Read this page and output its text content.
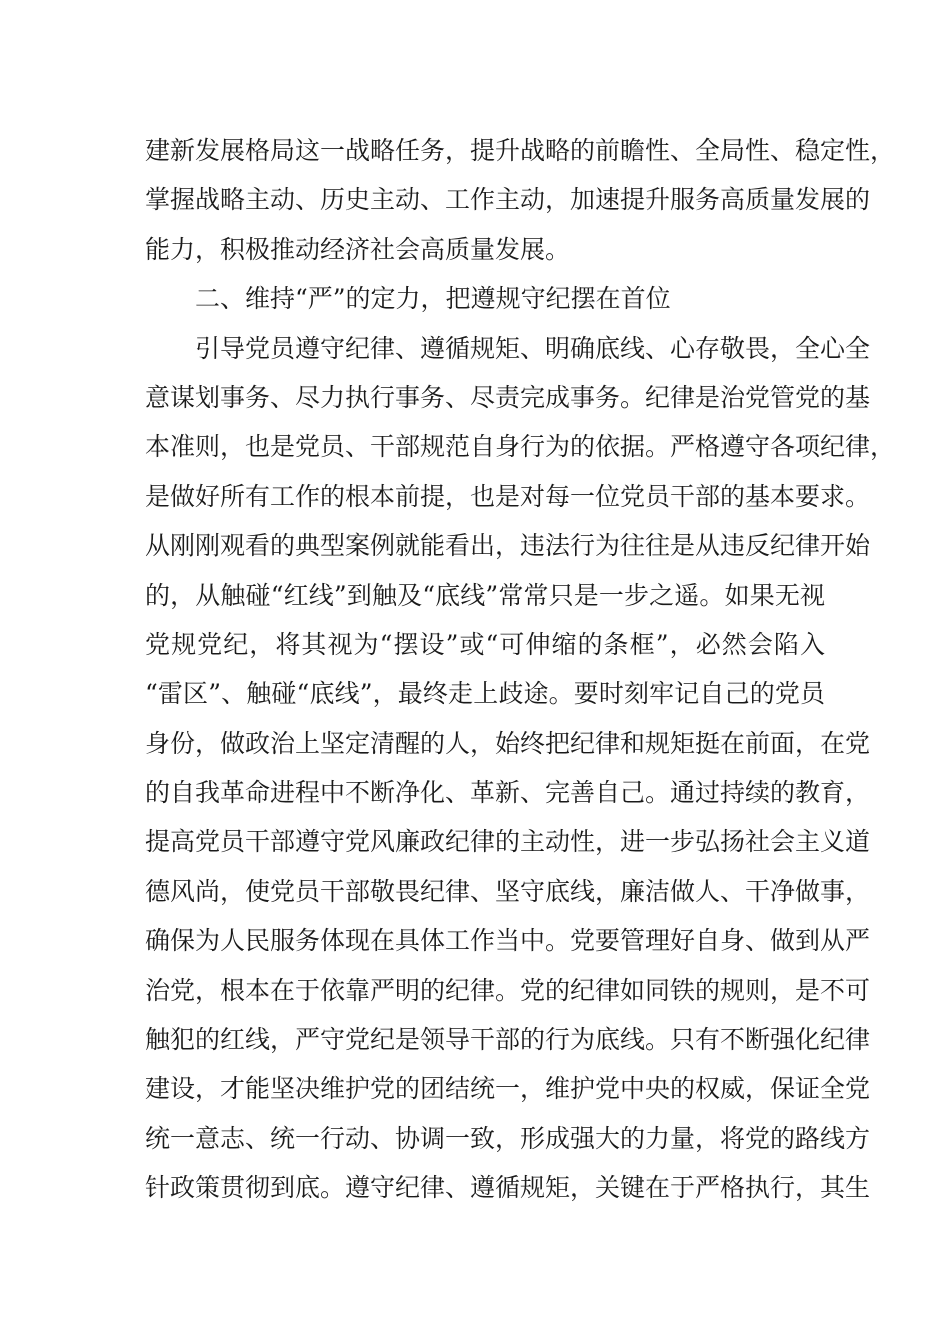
建新发展格局这一战略任务，提升战略的前瞻性、全局性、稳定性，
掌握战略主动、历史主动、工作主动，加速提升服务高质量发展的
能力，积极推动经济社会高质量发展。
二、维持“严”的定力，把遵规守纪摆在首位
引导党员遵守纪律、遵循规矩、明确底线、心存敬畏，全心全
意谋划事务、尽力执行事务、尽责完成事务。纪律是治党管党的基
本准则，也是党员、干部规范自身行为的依据。严格遵守各项纪律，
是做好所有工作的根本前提，也是对每一位党员干部的基本要求。
从刚刚观看的典型案例就能看出，违法行为往往是从违反纪律开始
的，从触碰“红线”到触及“底线”常常只是一步之遥。如果无视
党规党纪，将其视为“摆设”或“可伸缩的条框”，必然会陷入
“雷区”、触碰“底线”，最终走上歧途。要时刻牢记自己的党员
身份，做政治上坚定清醒的人，始终把纪律和规矩挺在前面，在党
的自我革命进程中不断净化、革新、完善自己。通过持续的教育，
提高党员干部遵守党风廉政纪律的主动性，进一步弘扬社会主义道
德风尚，使党员干部敬畏纪律、坚守底线，廉洁做人、干净做事，
确保为人民服务体现在具体工作当中。党要管理好自身、做到从严
治党，根本在于依靠严明的纪律。党的纪律如同铁的规则，是不可
触犯的红线，严守党纪是领导干部的行为底线。只有不断强化纪律
建设，才能坚决维护党的团结统一，维护党中央的权威，保证全党
统一意志、统一行动、协调一致，形成强大的力量，将党的路线方
针政策贯彻到底。遵守纪律、遵循规矩，关键在于严格执行，其生
